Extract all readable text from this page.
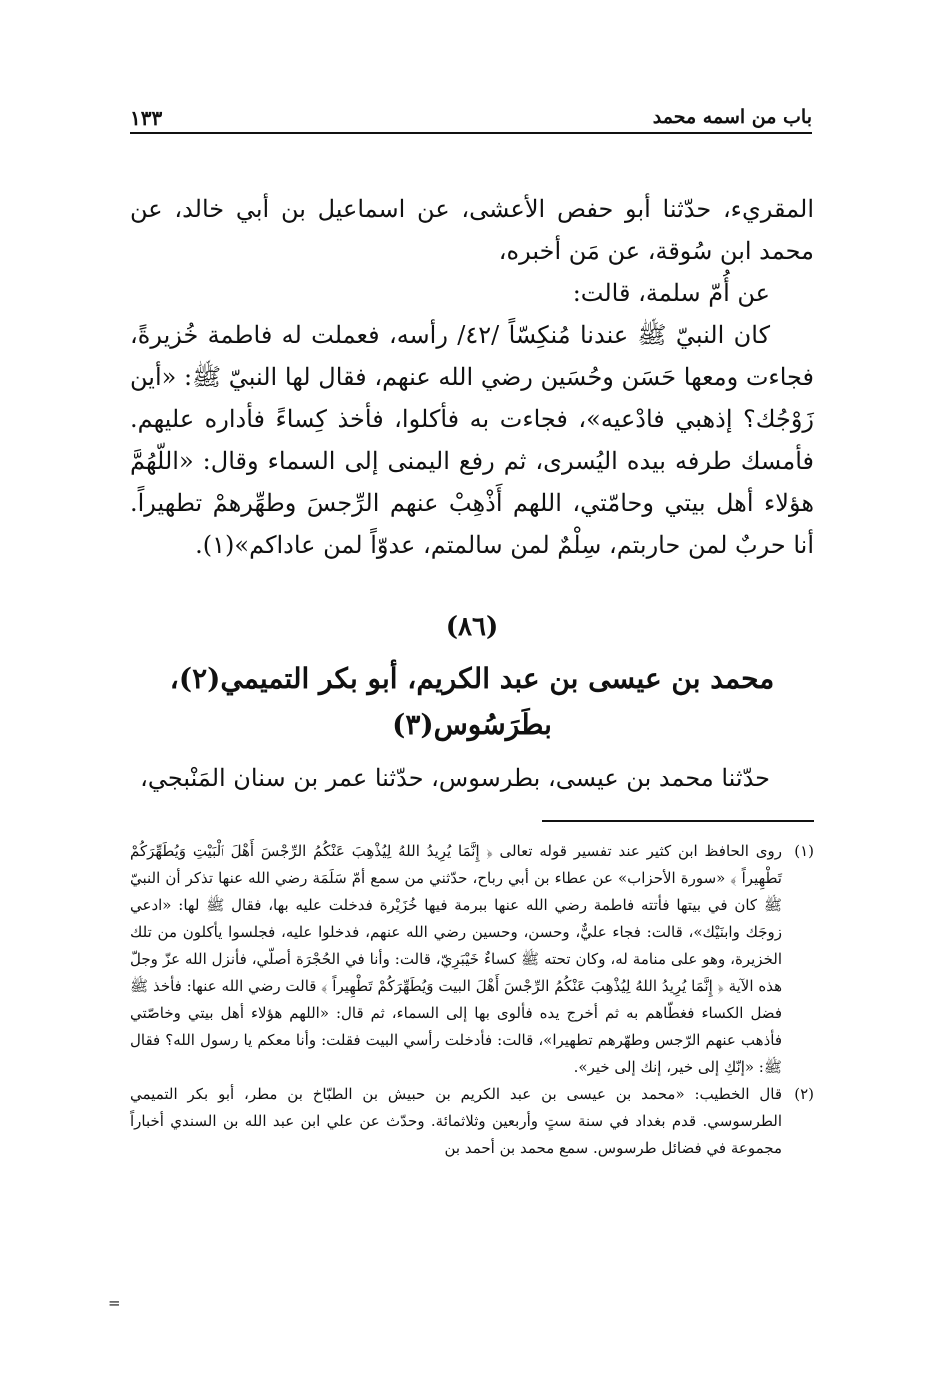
باب من اسمه محمد
١٣٣

المقريء، حدّثنا أبو حفص الأعشى، عن اسماعيل بن أبي خالد، عن محمد ابن سُوقة، عن مَن أخبره،

عن أُمّ سلمة، قالت:

كان النبيّ ﷺ عندنا مُنكِسّاً /٤٢/ رأسه، فعملت له فاطمة خُزيرةً، فجاءت ومعها حَسَن وحُسَين رضي الله عنهم، فقال لها النبيّ ﷺ: «أين زَوْجُك؟ إذهبي فادْعيه»، فجاءت به فأكلوا، فأخذ كِساءً فأداره عليهم. فأمسك طرفه بيده اليُسرى، ثم رفع اليمنى إلى السماء وقال: «اللّهُمَّ هؤلاء أهل بيتي وحامّتي، اللهم أَذْهِبْ عنهم الرِّجسَ وطهِّرهمْ تطهيراً. أنا حربٌ لمن حاربتم، سِلْمٌ لمن سالمتم، عدوّاً لمن عاداكم»(١).

(٨٦)
محمد بن عيسى بن عبد الكريم، أبو بكر التميمي(٢)، بطَرَسُوس(٣)
حدّثنا محمد بن عيسى، بطرسوس، حدّثنا عمر بن سنان المَنْبجي،

(١)
روى الحافظ ابن كثير عند تفسير قوله تعالى ﴿ إِنَّمَا يُرِيدُ اللهُ لِيُذْهِبَ عَنْكُمُ الرِّجْسَ أَهْلَ ٱلْبَيْتِ وَيُطَهِّرَكُمْ تَطْهِيراً ﴾ «سورة الأحزاب» عن عطاء بن أبي رباح، حدّثني من سمع أمّ سَلَمَة رضي الله عنها تذكر أن النبيّ ﷺ كان في بيتها فأتته فاطمة رضي الله عنها ببرمة فيها خُزَيْرة فدخلت عليه بها، فقال ﷺ لها: «ادعي زوجَك وابنَيْك»، قالت: فجاء عليٌّ، وحسن، وحسين رضي الله عنهم، فدخلوا عليه، فجلسوا يأكلون من تلك الخزيرة، وهو على منامة له، وكان تحته ﷺ كساءٌ خَيْبَرِيّ، قالت: وأنا في الحُجْرَة أصلّي، فأنزل الله عزّ وجلّ هذه الآية ﴿ إِنَّمَا يُرِيدُ اللهُ لِيُذْهِبَ عَنْكُمُ الرِّجْسَ أَهْلَ البيت وَيُطَهِّرَكُمْ تَطْهِيراً ﴾ قالت رضي الله عنها: فأخذ ﷺ فضل الكساء فغطّاهم به ثم أخرج يده فألوى بها إلى السماء، ثم قال: «اللهم هؤلاء أهل بيتي وخاصّتي فأذهب عنهم الرّجس وطهّرهم تطهيرا»، قالت: فأدخلت رأسي البيت فقلت: وأنا معكم يا رسول الله؟ فقال ﷺ: «إنّكِ إلى خير، إنك إلى خير».

(٢)
قال الخطيب: «محمد بن عيسى بن عبد الكريم بن حبيش بن الطبّاخ بن مطر، أبو بكر التميمي الطرسوسي. قدم بغداد في سنة ستٍ وأربعين وثلاثمائة. وحدّث عن علي ابن عبد الله بن السندي أخباراً مجموعة في فضائل طرسوس. سمع محمد بن أحمد بن

=
